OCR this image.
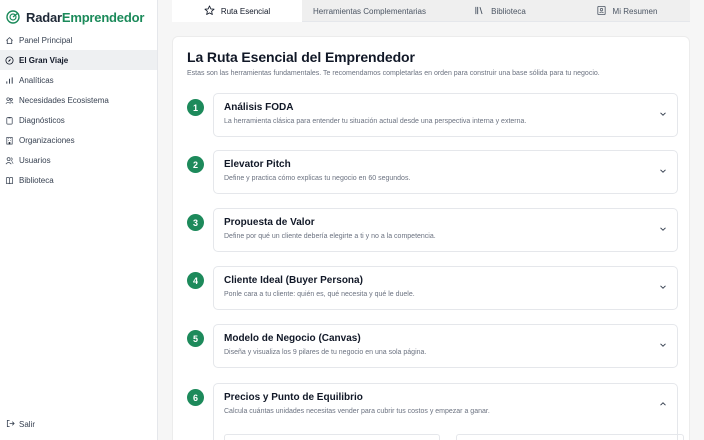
RadarEmprendedor
Panel Principal
El Gran Viaje
Analíticas
Necesidades Ecosistema
Diagnósticos
Organizaciones
Usuarios
Biblioteca
Salir
Ruta Esencial	Herramientas Complementarias	Biblioteca	Mi Resumen
La Ruta Esencial del Emprendedor

Estas son las herramientas fundamentales. Te recomendamos completarlas en orden para construir una base sólida para tu negocio.

1	Análisis FODA
La herramienta clásica para entender tu situación actual desde una perspectiva interna y externa.
2	Elevator Pitch
Define y practica cómo explicas tu negocio en 60 segundos.
3	Propuesta de Valor
Define por qué un cliente debería elegirte a ti y no a la competencia.
4	Cliente Ideal (Buyer Persona)
Ponle cara a tu cliente: quién es, qué necesita y qué le duele.
5	Modelo de Negocio (Canvas)
Diseña y visualiza los 9 pilares de tu negocio en una sola página.
6	Precios y Punto de Equilibrio
Calcula cuántas unidades necesitas vender para cubrir tus costos y empezar a ganar.
